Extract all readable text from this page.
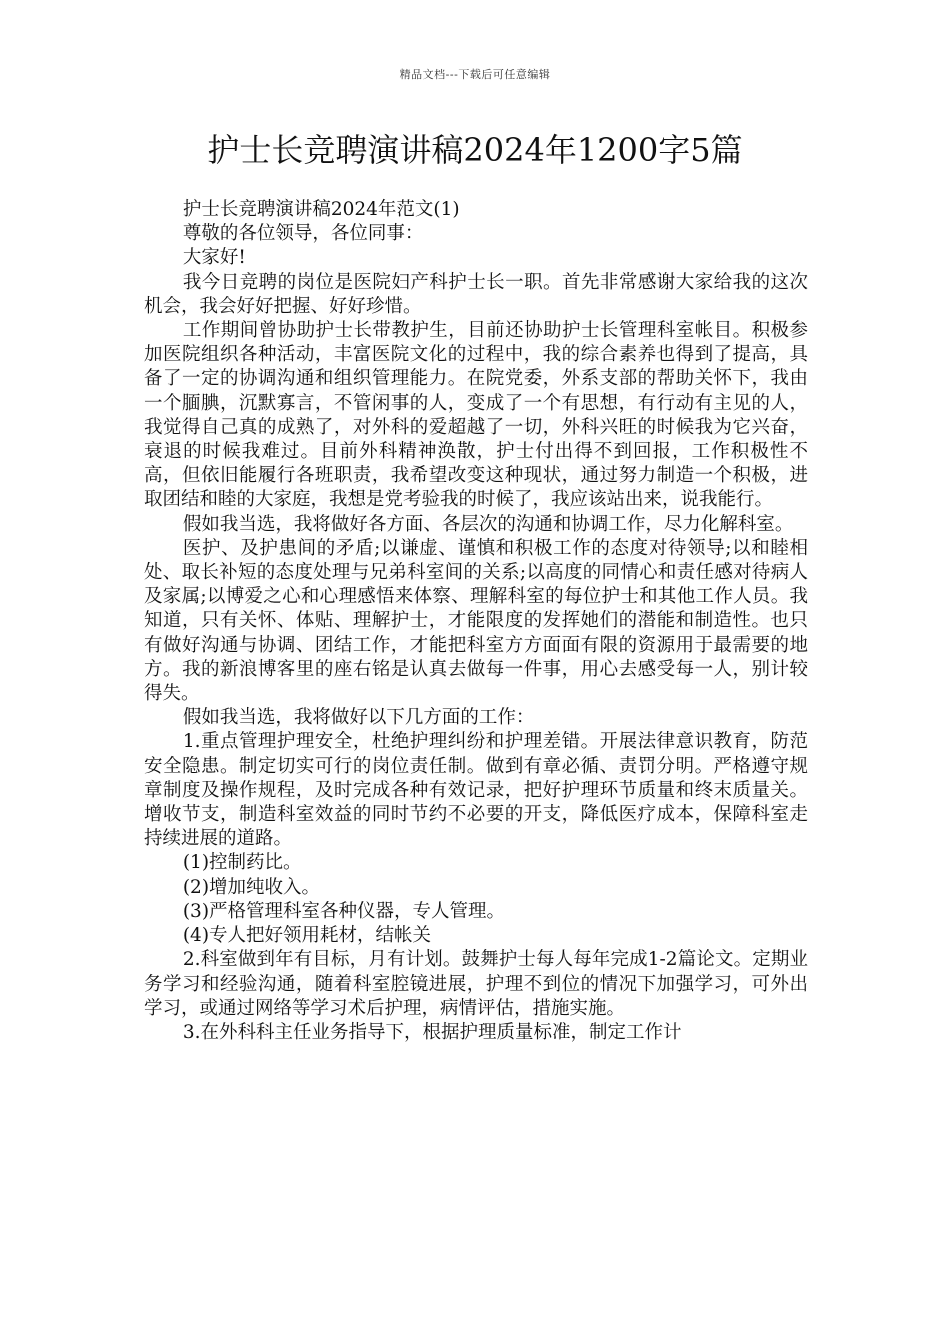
精品文档---下载后可任意编辑
护士长竞聘演讲稿2024年1200字5篇

护士长竞聘演讲稿2024年范文(1)

尊敬的各位领导，各位同事：

大家好!

我今日竞聘的岗位是医院妇产科护士长一职。首先非常感谢大家给我的这次机会，我会好好把握、好好珍惜。

工作期间曾协助护士长带教护生，目前还协助护士长管理科室帐目。积极参加医院组织各种活动，丰富医院文化的过程中，我的综合素养也得到了提高，具备了一定的协调沟通和组织管理能力。在院党委，外系支部的帮助关怀下，我由一个腼腆，沉默寡言，不管闲事的人，变成了一个有思想，有行动有主见的人，我觉得自己真的成熟了，对外科的爱超越了一切，外科兴旺的时候我为它兴奋，衰退的时候我难过。目前外科精神涣散，护士付出得不到回报，工作积极性不高，但依旧能履行各班职责，我希望改变这种现状，通过努力制造一个积极，进取团结和睦的大家庭，我想是党考验我的时候了，我应该站出来，说我能行。

假如我当选，我将做好各方面、各层次的沟通和协调工作，尽力化解科室。

医护、及护患间的矛盾;以谦虚、谨慎和积极工作的态度对待领导;以和睦相处、取长补短的态度处理与兄弟科室间的关系;以高度的同情心和责任感对待病人及家属;以博爱之心和心理感悟来体察、理解科室的每位护士和其他工作人员。我知道，只有关怀、体贴、理解护士，才能限度的发挥她们的潜能和制造性。也只有做好沟通与协调、团结工作，才能把科室方方面面有限的资源用于最需要的地方。我的新浪博客里的座右铭是认真去做每一件事，用心去感受每一人，别计较得失。

假如我当选，我将做好以下几方面的工作：

1.重点管理护理安全，杜绝护理纠纷和护理差错。开展法律意识教育，防范安全隐患。制定切实可行的岗位责任制。做到有章必循、责罚分明。严格遵守规章制度及操作规程，及时完成各种有效记录，把好护理环节质量和终末质量关。增收节支，制造科室效益的同时节约不必要的开支，降低医疗成本，保障科室走持续进展的道路。

(1)控制药比。

(2)增加纯收入。

(3)严格管理科室各种仪器，专人管理。

(4)专人把好领用耗材，结帐关

2.科室做到年有目标，月有计划。鼓舞护士每人每年完成1-2篇论文。定期业务学习和经验沟通，随着科室腔镜进展，护理不到位的情况下加强学习，可外出学习，或通过网络等学习术后护理，病情评估，措施实施。

3.在外科科主任业务指导下，根据护理质量标准，制定工作计
